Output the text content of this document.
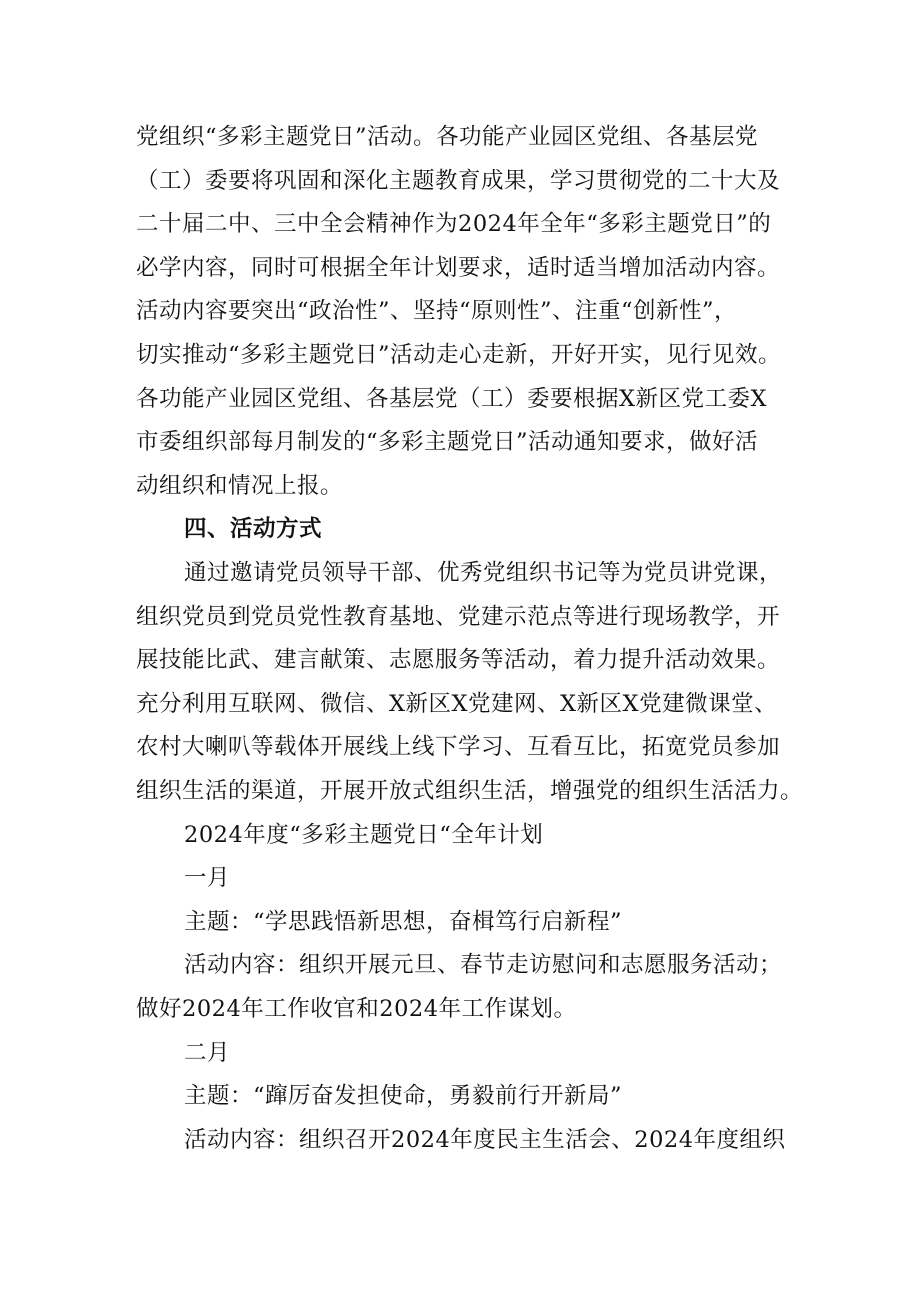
党组织“多彩主题党日”活动。各功能产业园区党组、各基层党
（工）委要将巩固和深化主题教育成果，学习贯彻党的二十大及
二十届二中、三中全会精神作为2024年全年“多彩主题党日”的
必学内容，同时可根据全年计划要求，适时适当增加活动内容。
活动内容要突出“政治性”、坚持“原则性”、注重“创新性”，
切实推动“多彩主题党日”活动走心走新，开好开实，见行见效。
各功能产业园区党组、各基层党（工）委要根据X新区党工委X
市委组织部每月制发的“多彩主题党日”活动通知要求，做好活
动组织和情况上报。
四、活动方式
通过邀请党员领导干部、优秀党组织书记等为党员讲党课，
组织党员到党员党性教育基地、党建示范点等进行现场教学，开
展技能比武、建言献策、志愿服务等活动，着力提升活动效果。
充分利用互联网、微信、X新区X党建网、X新区X党建微课堂、
农村大喇叭等载体开展线上线下学习、互看互比，拓宽党员参加
组织生活的渠道，开展开放式组织生活，增强党的组织生活活力。
2024年度“多彩主题党日“全年计划
一月
主题：“学思践悟新思想，奋楫笃行启新程”
活动内容：组织开展元旦、春节走访慰问和志愿服务活动；
做好2024年工作收官和2024年工作谋划。
二月
主题：“蹿厉奋发担使命，勇毅前行开新局”
活动内容：组织召开2024年度民主生活会、2024年度组织
